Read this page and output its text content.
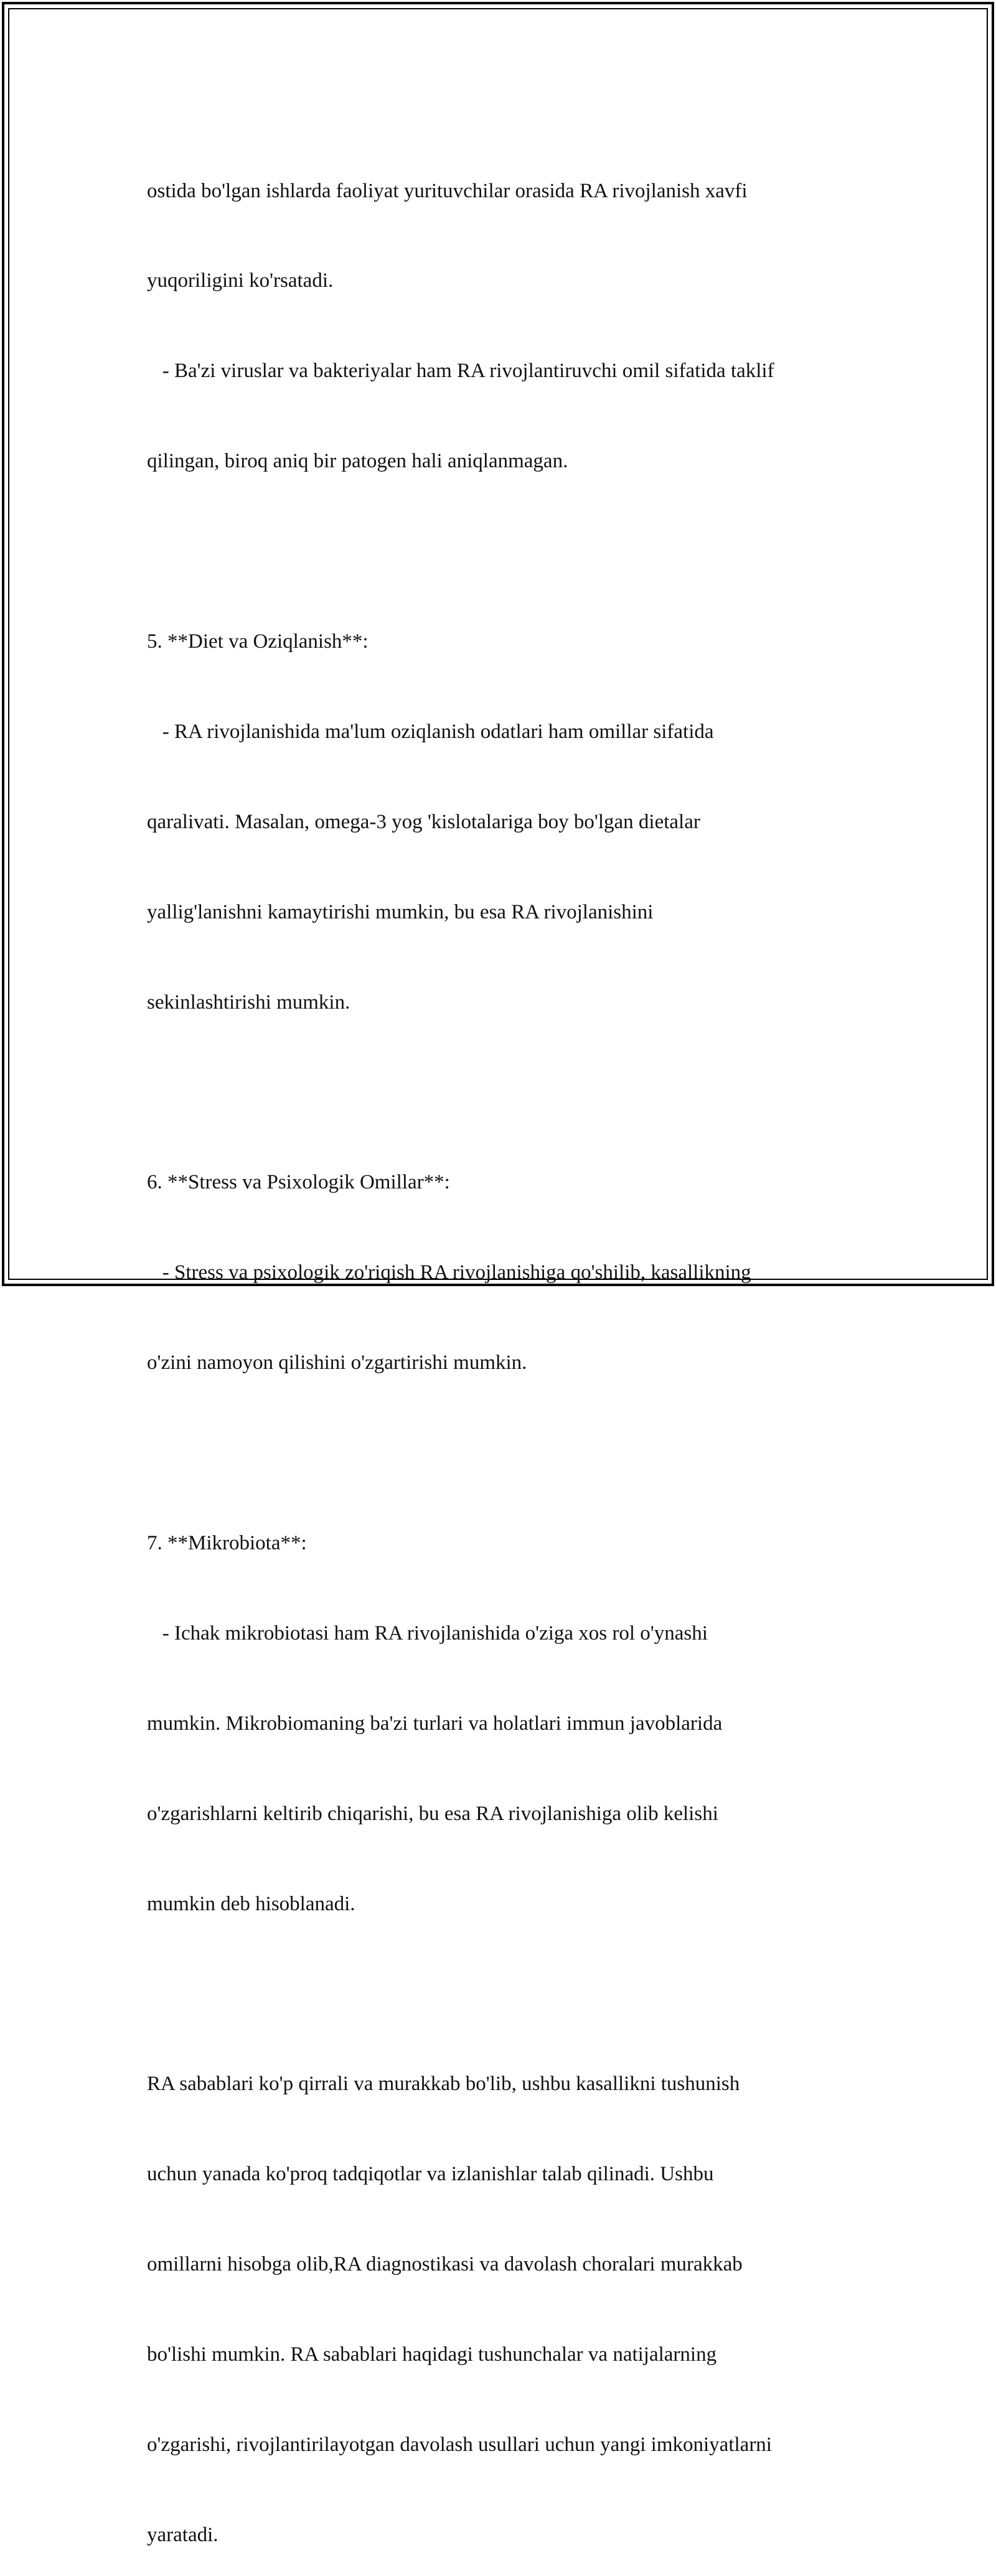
ostida bo'lgan ishlarda faoliyat yurituvchilar orasida RA rivojlanish xavfi

yuqoriligini ko'rsatadi.

- Ba'zi viruslar va bakteriyalar ham RA rivojlantiruvchi omil sifatida taklif

qilingan, biroq aniq bir patogen hali aniqlanmagan.

5. **Diet va Oziqlanish**:

- RA rivojlanishida ma'lum oziqlanish odatlari ham omillar sifatida

qaralivati. Masalan, omega-3 yog 'kislotalariga boy bo'lgan dietalar

yallig'lanishni kamaytirishi mumkin, bu esa RA rivojlanishini

sekinlashtirishi mumkin.

6. **Stress va Psixologik Omillar**:

- Stress va psixologik zo'riqish RA rivojlanishiga qo'shilib, kasallikning

o'zini namoyon qilishini o'zgartirishi mumkin.

7. **Mikrobiota**:

- Ichak mikrobiotasi ham RA rivojlanishida o'ziga xos rol o'ynashi

mumkin. Mikrobiomaning ba'zi turlari va holatlari immun javoblarida

o'zgarishlarni keltirib chiqarishi, bu esa RA rivojlanishiga olib kelishi

mumkin deb hisoblanadi.

RA sabablari ko'p qirrali va murakkab bo'lib, ushbu kasallikni tushunish

uchun yanada ko'proq tadqiqotlar va izlanishlar talab qilinadi. Ushbu

omillarni hisobga olib,RA diagnostikasi va davolash choralari murakkab

bo'lishi mumkin. RA sabablari haqidagi tushunchalar va natijalarning

o'zgarishi, rivojlantirilayotgan davolash usullari uchun yangi imkoniyatlarni

yaratadi.
